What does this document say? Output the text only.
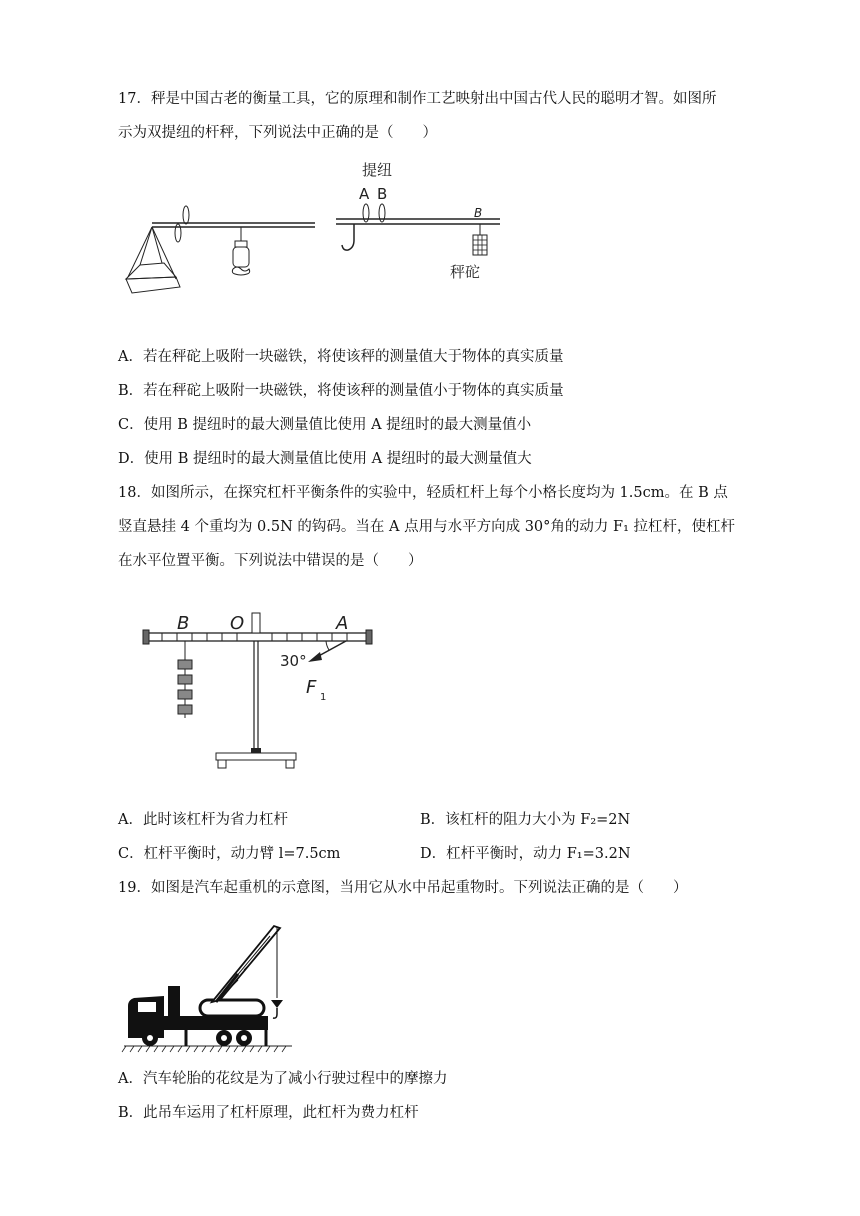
17．秤是中国古老的衡量工具，它的原理和制作工艺映射出中国古代人民的聪明才智。如图所
示为双提纽的杆秤，下列说法中正确的是（　　）
提纽
A B
B
秤砣
A．若在秤砣上吸附一块磁铁，将使该秤的测量值大于物体的真实质量
B．若在秤砣上吸附一块磁铁，将使该秤的测量值小于物体的真实质量
C．使用 B 提纽时的最大测量值比使用 A 提纽时的最大测量值小
D．使用 B 提纽时的最大测量值比使用 A 提纽时的最大测量值大
18．如图所示，在探究杠杆平衡条件的实验中，轻质杠杆上每个小格长度均为 1.5cm。在 B 点
竖直悬挂 4 个重均为 0.5N 的钩码。当在 A 点用与水平方向成 30°角的动力 F₁ 拉杠杆，使杠杆
在水平位置平衡。下列说法中错误的是（　　）
B O	A
30°
F 1
A．此时该杠杆为省力杠杆	B．该杠杆的阻力大小为 F₂=2N
C．杠杆平衡时，动力臂 l=7.5cm	D．杠杆平衡时，动力 F₁=3.2N
19．如图是汽车起重机的示意图，当用它从水中吊起重物时。下列说法正确的是（　　）
A．汽车轮胎的花纹是为了减小行驶过程中的摩擦力
B．此吊车运用了杠杆原理，此杠杆为费力杠杆
